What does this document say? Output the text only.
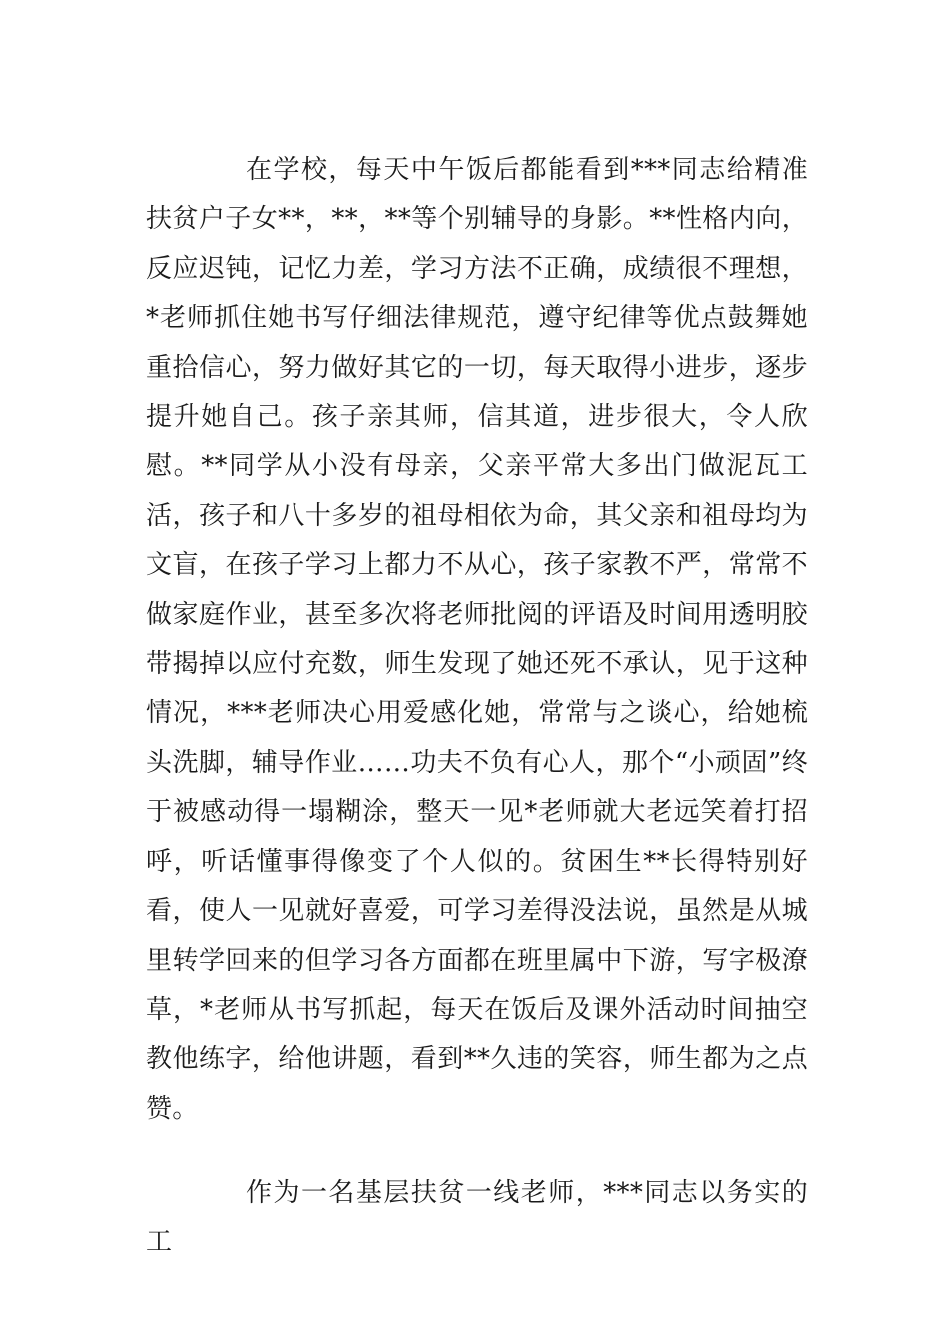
在学校，每天中午饭后都能看到***同志给精准扶贫户子女**，**，**等个别辅导的身影。**性格内向，反应迟钝，记忆力差，学习方法不正确，成绩很不理想，*老师抓住她书写仔细法律规范，遵守纪律等优点鼓舞她重拾信心，努力做好其它的一切，每天取得小进步，逐步提升她自己。孩子亲其师，信其道，进步很大，令人欣慰。**同学从小没有母亲，父亲平常大多出门做泥瓦工活，孩子和八十多岁的祖母相依为命，其父亲和祖母均为文盲，在孩子学习上都力不从心，孩子家教不严，常常不做家庭作业，甚至多次将老师批阅的评语及时间用透明胶带揭掉以应付充数，师生发现了她还死不承认，见于这种情况，***老师决心用爱感化她，常常与之谈心，给她梳头洗脚，辅导作业……功夫不负有心人，那个“小顽固”终于被感动得一塌糊涂，整天一见*老师就大老远笑着打招呼，听话懂事得像变了个人似的。贫困生**长得特别好看，使人一见就好喜爱，可学习差得没法说，虽然是从城里转学回来的但学习各方面都在班里属中下游，写字极潦草，*老师从书写抓起，每天在饭后及课外活动时间抽空教他练字，给他讲题，看到**久违的笑容，师生都为之点赞。

作为一名基层扶贫一线老师，***同志以务实的工
